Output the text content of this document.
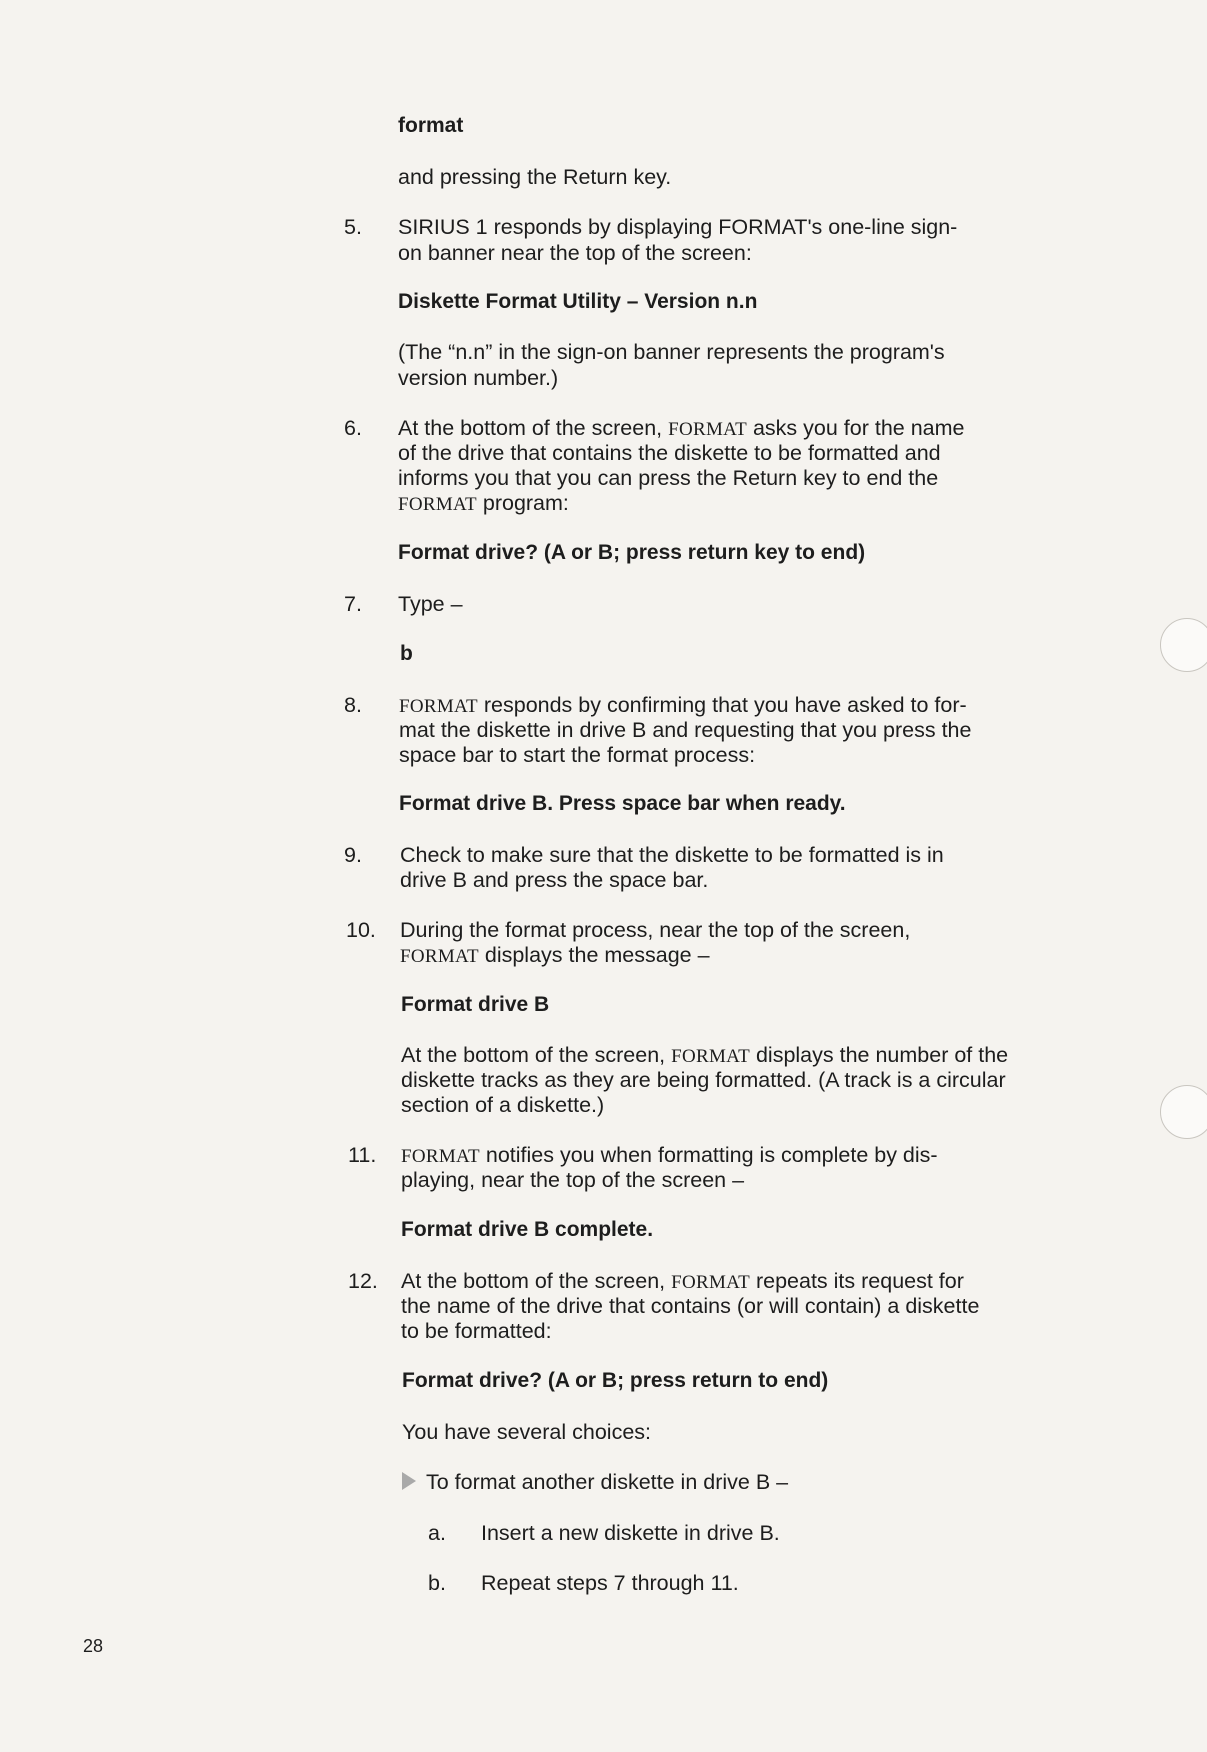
format
and pressing the Return key.
5. SIRIUS 1 responds by displaying FORMAT's one-line sign-
on banner near the top of the screen:
Diskette Format Utility – Version n.n
(The “n.n” in the sign-on banner represents the program's
version number.)
6. At the bottom of the screen, FORMAT asks you for the name
of the drive that contains the diskette to be formatted and
informs you that you can press the Return key to end the
FORMAT program:
Format drive? (A or B; press return key to end)
7. Type –
b
8. FORMAT responds by confirming that you have asked to for-
mat the diskette in drive B and requesting that you press the
space bar to start the format process:
Format drive B. Press space bar when ready.
9. Check to make sure that the diskette to be formatted is in
drive B and press the space bar.
10. During the format process, near the top of the screen,
FORMAT displays the message –
Format drive B
At the bottom of the screen, FORMAT displays the number of the
diskette tracks as they are being formatted. (A track is a circular
section of a diskette.)
11. FORMAT notifies you when formatting is complete by dis-
playing, near the top of the screen –
Format drive B complete.
12. At the bottom of the screen, FORMAT repeats its request for
the name of the drive that contains (or will contain) a diskette
to be formatted:
Format drive? (A or B; press return to end)
You have several choices:
To format another diskette in drive B –
a. Insert a new diskette in drive B.
b. Repeat steps 7 through 11.
28
